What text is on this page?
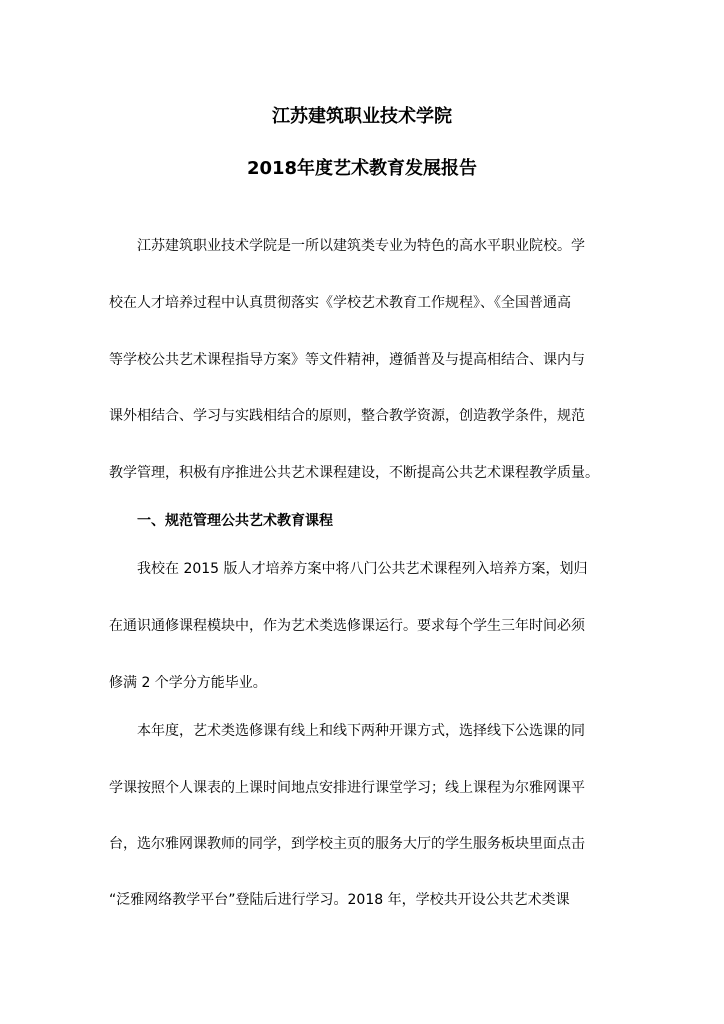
江苏建筑职业技术学院
2018年度艺术教育发展报告
江苏建筑职业技术学院是一所以建筑类专业为特色的高水平职业院校。学
校在人才培养过程中认真贯彻落实《学校艺术教育工作规程》、《全国普通高
等学校公共艺术课程指导方案》等文件精神，遵循普及与提高相结合、课内与
课外相结合、学习与实践相结合的原则，整合教学资源，创造教学条件，规范
教学管理，积极有序推进公共艺术课程建设，不断提高公共艺术课程教学质量。
一、规范管理公共艺术教育课程
我校在 2015 版人才培养方案中将八门公共艺术课程列入培养方案，划归
在通识通修课程模块中，作为艺术类选修课运行。要求每个学生三年时间必须
修满 2 个学分方能毕业。
本年度，艺术类选修课有线上和线下两种开课方式，选择线下公选课的同
学课按照个人课表的上课时间地点安排进行课堂学习；线上课程为尔雅网课平
台，选尔雅网课教师的同学，到学校主页的服务大厅的学生服务板块里面点击
“泛雅网络教学平台”登陆后进行学习。2018 年，学校共开设公共艺术类课
